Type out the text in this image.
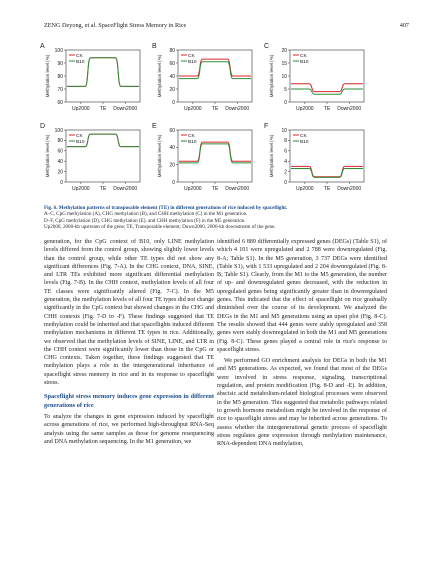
ZENG Deyong, et al. SpaceFlight Stress Memory in Rice	407
A
100
90
80
70
60
Methylation level (%)
Up2000 TE Down2000
CK
B10
B
80
60
40
20
0
Methylation level (%)
Up2000 TE Down2000
CK
B10
C
20
15
10
5
0
Methylation level (%)
Up2000 TE Down2000
CK
B10
D
100
80
60
40
20
0
Methylation level (%)
Up2000 TE Down2000
CK
B10
E
60
40
20
0
Methylation level (%)
Up2000 TE Down2000
CK
B10
F
10
8
6
4
2
0
Methylation level (%)
Up2000 TE Down2000
CK
B10
Fig. 6. Methylation patterns of transposable element (TE) in different generations of rice induced by spaceflight.
A–C, CpG methylation (A), CHG methylation (B), and CHH methylation (C) in the M1 generation.
D–F, CpG methylation (D), CHG methylation (E), and CHH methylation (F) in the M5 generation.
Up2000, 2000-kb upstream of the gene; TE, Transposable element; Down2000, 2000-kb downstream of the gene.

generation, for the CpG context of B10, only LINE methylation levels differed from the control group, showing slightly lower levels than the control group, while other TE types did not show any significant differences (Fig. 7-A). In the CHG context, DNA, SINE, and LTR TEs exhibited more significant differential methylation levels (Fig. 7-B). In the CHH context, methylation levels of all four TE classes were significantly altered (Fig. 7-C). In the M5 generation, the methylation levels of all four TE types did not change significantly in the CpG context but showed changes in the CHG and CHH contexts (Fig. 7-D to -F). These findings suggested that TE methylation could be inherited and that spaceflights induced different methylation mechanisms in different TE types in rice. Additionally, we observed that the methylation levels of SINE, LINE, and LTR in the CHH context were significantly lower than those in the CpG or CHG contexts. Taken together, these findings suggested that TE methylation plays a role in the intergenerational inheritance of spaceflight stress memory in rice and in its response to spaceflight stress.

Spaceflight stress memory induces gene expression in different generations of rice

To analyze the changes in gene expression induced by spaceflight across generations of rice, we performed high-throughput RNA-Seq analysis using the same samples as those for genome resequencing and DNA methylation sequencing. In the M1 generation, we

identified 6 889 differentially expressed genes (DEGs) (Table S1), of which 4 101 were upregulated and 2 788 were downregulated (Fig. 8-A; Table S1). In the M5 generation, 3 737 DEGs were identified (Table S1), with 1 533 upregulated and 2 204 downregulated (Fig. 8-B; Table S1). Clearly, from the M1 to the M5 generation, the number of up- and downregulated genes decreased, with the reduction in upregulated genes being significantly greater than in downregulated genes. This indicated that the effect of spaceflight on rice gradually diminished over the course of its development. We analyzed the DEGs in the M1 and M5 generations using an upset plot (Fig. 8-C). The results showed that 444 genes were stably upregulated and 358 genes were stably downregulated in both the M1 and M5 generations (Fig. 8-C). These genes played a central role in rice's response to spaceflight stress.

We performed GO enrichment analysis for DEGs in both the M1 and M5 generations. As expected, we found that most of the DEGs were involved in stress response, signaling, transcriptional regulation, and protein modification (Fig. 8-D and -E). In addition, abscisic acid metabolism-related biological processes were observed in the M5 generation. This suggested that metabolic pathways related to growth hormone metabolism might be involved in the response of rice to spaceflight stress and may be inherited across generations. To assess whether the intergenerational genetic process of spaceflight stress regulates gene expression through methylation maintenance, RNA-dependent DNA methylation,
